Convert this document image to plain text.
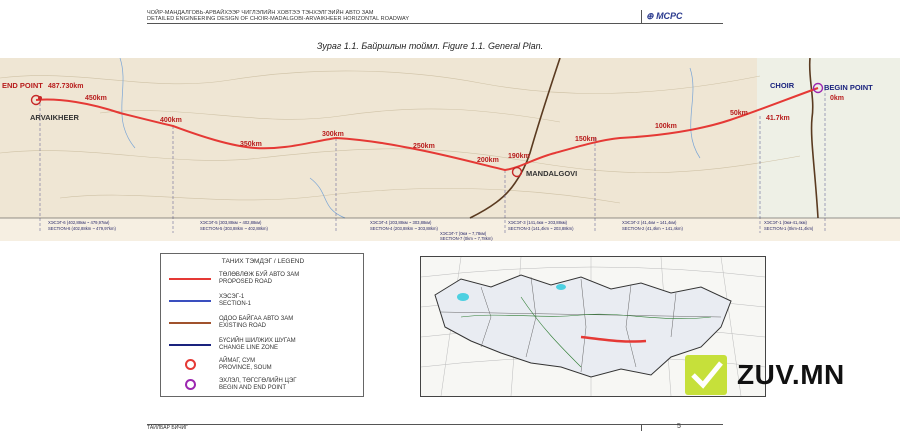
ЧОЙР-МАНДАЛГОВЬ-АРВАЙХЭЭР ЧИГЛЭЛИЙН ХОВТЭЭ ТЭНХЭЛГЭИЙН АВТО ЗАМ
DETAILED ENGINEERING DESIGN OF CHOIR-MADALGOBI-ARVAIKHEER HORIZONTAL ROADWAY	⊕ MCPC
Зураг 1.1. Байршлын тоймл. Figure 1.1. General Plan.
END POINT
ARVAIKHEER
MANDALGOVI
CHOIR	BEGIN POINT
487.730km
450km
400km
350km
300km
250km
200km
190km
150km
100km
50km
41.7km
0km
ХЭСЭГ-6 (402,88км ~ 479,97км)
SECTION-6 (402,88km ~ 479,97km)
ХЭСЭГ-5 (303,88км ~ 402,88км)
SECTION-5 (303,88km ~ 402,88km)
ХЭСЭГ-4 (203,88км ~ 303,88км)
SECTION-4 (203,88km ~ 303,88km)
ХЭСЭГ-3 (141,4км ~ 203,88км)
SECTION-3 (141,4km ~ 203,88km)
ХЭСЭГ-2 (41,4км ~ 141,4км)
SECTION-2 (41,4km ~ 141,4km)
ХЭСЭГ-1 (0км-41,4км)
SECTION-1 (0km-41,4km)
ХЭСЭГ-7 (0км ~ 7,78км)
SECTION-7 (0km ~ 7,78km)
ТАНИХ ТЭМДЭГ / LEGEND
ТӨЛӨВЛӨЖ БУЙ АВТО ЗАМ
PROPOSED ROAD
ХЭСЭГ-1
SECTION-1
ОДОО БАЙГАА АВТО ЗАМ
EXISTING ROAD
БҮСИЙН ШИЛЖИХ ШУГАМ
CHANGE LINE ZONE
АЙМАГ, СУМ
PROVINCE, SOUM
ЭХЛЭЛ, ТӨГСГӨЛИЙН ЦЭГ
BEGIN AND END POINT	ZUV.MN
ТАЙЛБАР БИЧИГ	5
